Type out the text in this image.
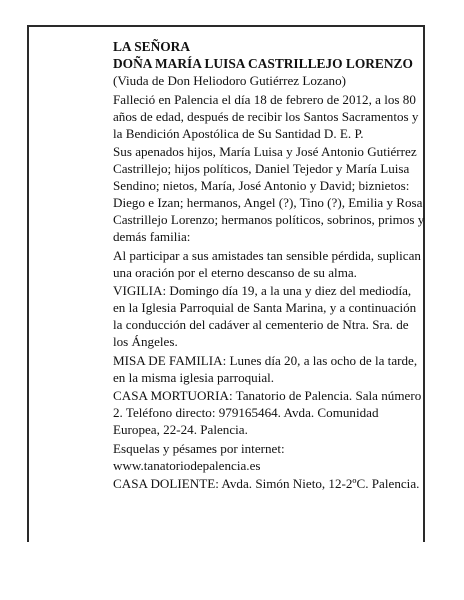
LA SEÑORA
DOÑA MARÍA LUISA CASTRILLEJO LORENZO

(Viuda de Don Heliodoro Gutiérrez Lozano)

Falleció en Palencia el día 18 de febrero de 2012, a los 80 años de edad, después de recibir los Santos Sacramentos y la Bendición Apostólica de Su Santidad D. E. P.

Sus apenados hijos, María Luisa y José Antonio Gutiérrez Castrillejo; hijos políticos, Daniel Tejedor y María Luisa Sendino; nietos, María, José Antonio y David; biznietos: Diego e Izan; hermanos, Angel (?), Tino (?), Emilia y Rosa Castrillejo Lorenzo; hermanos políticos, sobrinos, primos y demás familia:

Al participar a sus amistades tan sensible pérdida, suplican una oración por el eterno descanso de su alma.

VIGILIA: Domingo día 19, a la una y diez del mediodía, en la Iglesia Parroquial de Santa Marina, y a continuación la conducción del cadáver al cementerio de Ntra. Sra. de los Ángeles.

MISA DE FAMILIA: Lunes día 20, a las ocho de la tarde, en la misma iglesia parroquial.

CASA MORTUORIA: Tanatorio de Palencia. Sala número 2. Teléfono directo: 979165464. Avda. Comunidad Europea, 22-24. Palencia.

Esquelas y pésames por internet: www.tanatoriodepalencia.es

CASA DOLIENTE: Avda. Simón Nieto, 12-2ºC. Palencia.
